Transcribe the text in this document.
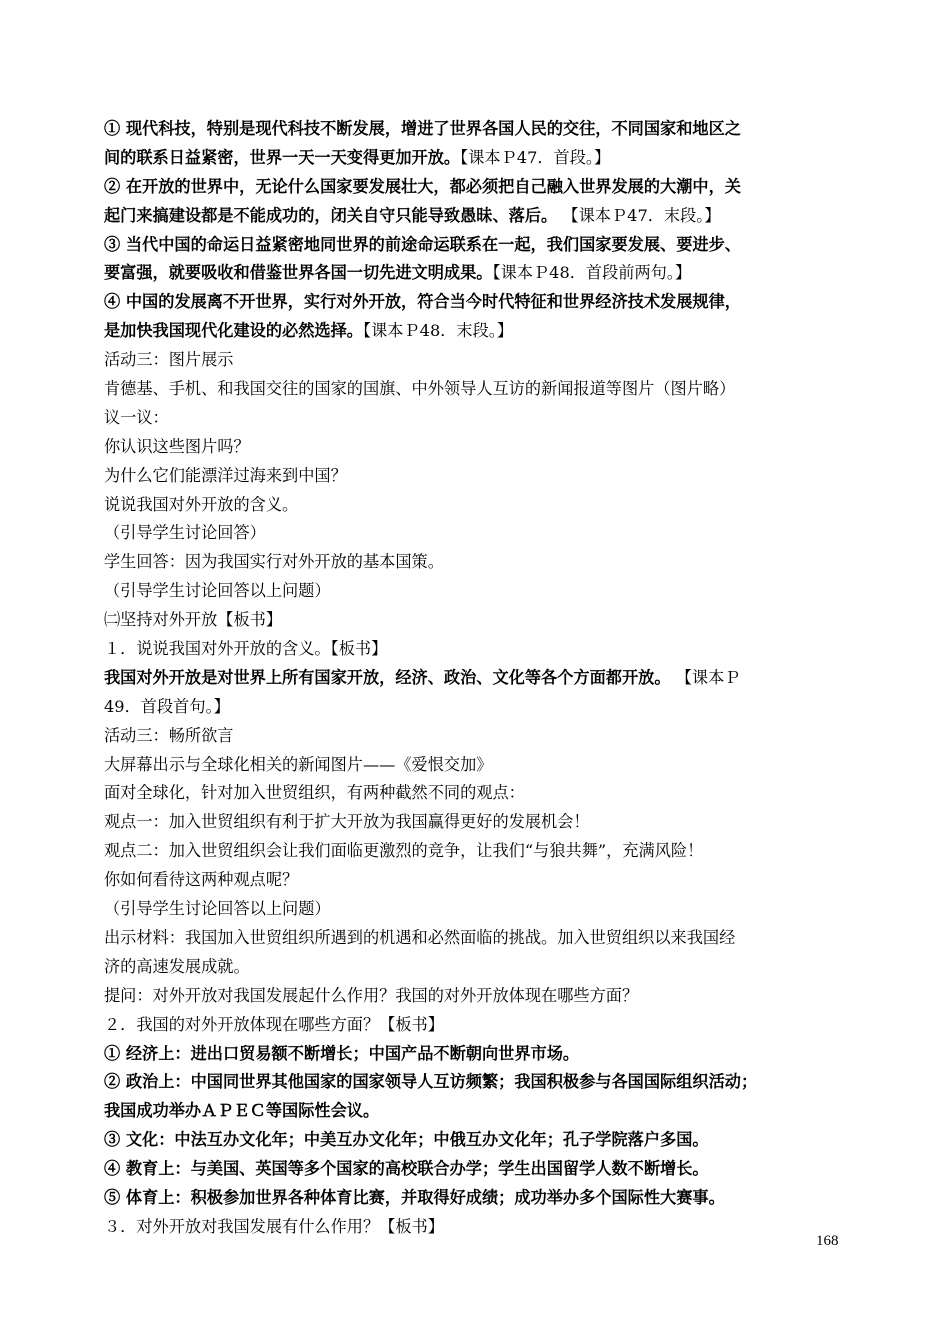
① 现代科技，特别是现代科技不断发展，增进了世界各国人民的交往，不同国家和地区之
间的联系日益紧密，世界一天一天变得更加开放。【课本Ｐ47．首段。】
② 在开放的世界中，无论什么国家要发展壮大，都必须把自己融入世界发展的大潮中，关
起门来搞建设都是不能成功的，闭关自守只能导致愚昧、落后。 【课本Ｐ47．末段。】
③ 当代中国的命运日益紧密地同世界的前途命运联系在一起，我们国家要发展、要进步、
要富强，就要吸收和借鉴世界各国一切先进文明成果。【课本Ｐ48．首段前两句。】
④ 中国的发展离不开世界，实行对外开放，符合当今时代特征和世界经济技术发展规律，
是加快我国现代化建设的必然选择。【课本Ｐ48．末段。】
活动三：图片展示
肯德基、手机、和我国交往的国家的国旗、中外领导人互访的新闻报道等图片（图片略）
议一议：
你认识这些图片吗？
为什么它们能漂洋过海来到中国？
说说我国对外开放的含义。
（引导学生讨论回答）
学生回答：因为我国实行对外开放的基本国策。
（引导学生讨论回答以上问题）
㈡坚持对外开放【板书】
１．说说我国对外开放的含义。【板书】
我国对外开放是对世界上所有国家开放，经济、政治、文化等各个方面都开放。 【课本Ｐ
49．首段首句。】
活动三：畅所欲言
大屏幕出示与全球化相关的新闻图片——《爱恨交加》
面对全球化，针对加入世贸组织，有两种截然不同的观点：
观点一：加入世贸组织有利于扩大开放为我国赢得更好的发展机会！
观点二：加入世贸组织会让我们面临更激烈的竞争，让我们“与狼共舞”，充满风险！
你如何看待这两种观点呢？
（引导学生讨论回答以上问题）
出示材料：我国加入世贸组织所遇到的机遇和必然面临的挑战。加入世贸组织以来我国经
济的高速发展成就。
提问：对外开放对我国发展起什么作用？我国的对外开放体现在哪些方面？
２．我国的对外开放体现在哪些方面？【板书】
① 经济上：进出口贸易额不断增长；中国产品不断朝向世界市场。
② 政治上：中国同世界其他国家的国家领导人互访频繁；我国积极参与各国国际组织活动；
我国成功举办ＡＰＥＣ等国际性会议。
③ 文化：中法互办文化年；中美互办文化年；中俄互办文化年；孔子学院落户多国。
④ 教育上：与美国、英国等多个国家的高校联合办学；学生出国留学人数不断增长。
⑤ 体育上：积极参加世界各种体育比赛，并取得好成绩；成功举办多个国际性大赛事。
３．对外开放对我国发展有什么作用？【板书】
168
